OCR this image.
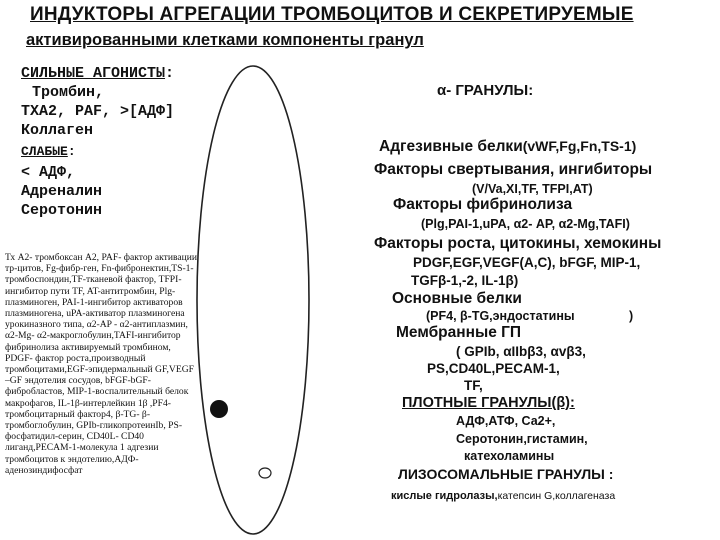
ИНДУКТОРЫ АГРЕГАЦИИ ТРОМБОЦИТОВ И СЕКРЕТИРУЕМЫЕ
активированными клетками компоненты гранул
СИЛЬНЫЕ АГОНИСТЫ:
Тромбин,
ТХА2, PAF, >[АДФ]
Коллаген
СЛАБЫЕ:
< АДФ,
Адреналин
Серотонин
Тх А2- тромбоксан А2, PAF- фактор активации тр-цитов, Fg-фибр-ген, Fn-фибронектин,TS-1-тромбоспондин,TF-тканевой фактор, TFPI-ингибитор пути TF, AT-антитромбин, Plg-плазминоген, PAI-1-ингибитор активаторов плазминогена, uPA-активатор плазминогена урокиназного типа, α2-AP - α2-антиплазмин, α2-Mg- α2-макроглобулин,TAFI-ингибитор фибринолиза активируемый тромбином, PDGF- фактор роста,производный тромбоцитами,EGF-эпидермальный GF,VEGF –GF эндотелия сосудов, bFGF-bGF-фибробластов, MIP-1-воспалительный белок макрофагов, IL-1β-интерлейкин 1β ,PF4- тромбоцитарный фактор4, β-TG- β-тромбоглобулин, GPIb-гликопротеинIb, PS-фосфатидил-серин, CD40L- CD40 лиганд,PECAM-1-молекула 1 адгезии тромбоцитов к эндотелию,АДФ-аденозиндифосфат
α- ГРАНУЛЫ:
Адгезивные белки(vWF,Fg,Fn,TS-1)
Факторы свертывания, ингибиторы
(V/Va,XI,TF, TFPI,AT)
Факторы фибринолиза
(Plg,PAI-1,uPA, α2- AP, α2-Mg,TAFI)
Факторы роста, цитокины, хемокины
PDGF,EGF,VEGF(A,C), bFGF, MIP-1,
TGFβ-1,-2, IL-1β)
Основные белки
(PF4, β-TG,эндостатины	)
Мембранные ГП
( GPIb, αIIbβ3, αvβ3,
PS,CD40L,PECAM-1,
TF,
ПЛОТНЫЕ ГРАНУЛЫ(β):
АДФ,АТФ, Са2+,
Серотонин,гистамин,
катехоламины
ЛИЗОСОМАЛЬНЫЕ ГРАНУЛЫ :
кислые гидролазы,катепсин G,коллагеназа
